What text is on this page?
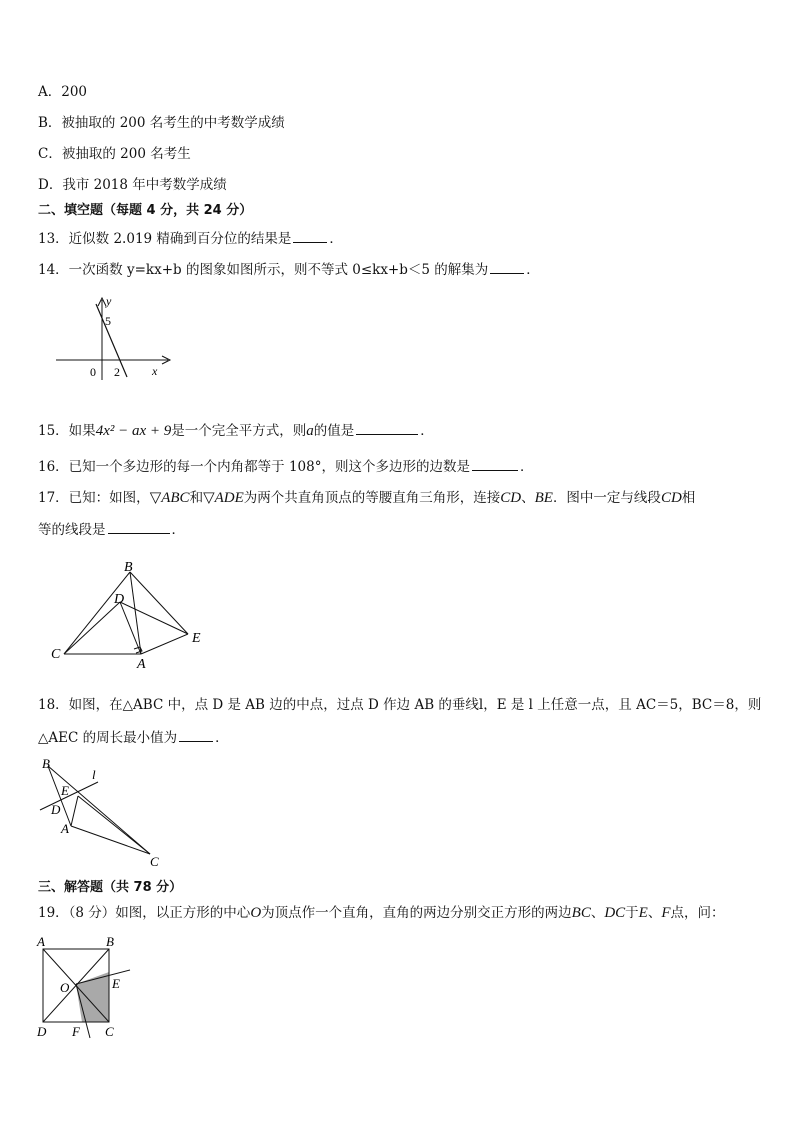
A．200
B．被抽取的 200 名考生的中考数学成绩
C．被抽取的 200 名考生
D．我市 2018 年中考数学成绩
二、填空题（每题 4 分，共 24 分）
13．近似数 2.019 精确到百分位的结果是	．
14．一次函数 y=kx+b 的图象如图所示，则不等式 0≤kx+b＜5 的解集为	．
y
5
0 2	x
15．如果4x² − ax + 9是一个完全平方式，则a的值是	．
16．已知一个多边形的每一个内角都等于 108°，则这个多边形的边数是	．
17．已知：如图，▽ABC和▽ADE为两个共直角顶点的等腰直角三角形，连接CD、BE．图中一定与线段CD相
等的线段是	．
B
D
C
A
E
18．如图，在△ABC 中，点 D 是 AB 边的中点，过点 D 作边 AB 的垂线l，E 是 l 上任意一点，且 AC＝5，BC＝8，则
△AEC 的周长最小值为	．
B
l
E
D
A
C
三、解答题（共 78 分）
19．（8 分）如图，以正方形的中心O为顶点作一个直角，直角的两边分别交正方形的两边BC、DC于E、F点，问：
A	B
O	E
D F C
